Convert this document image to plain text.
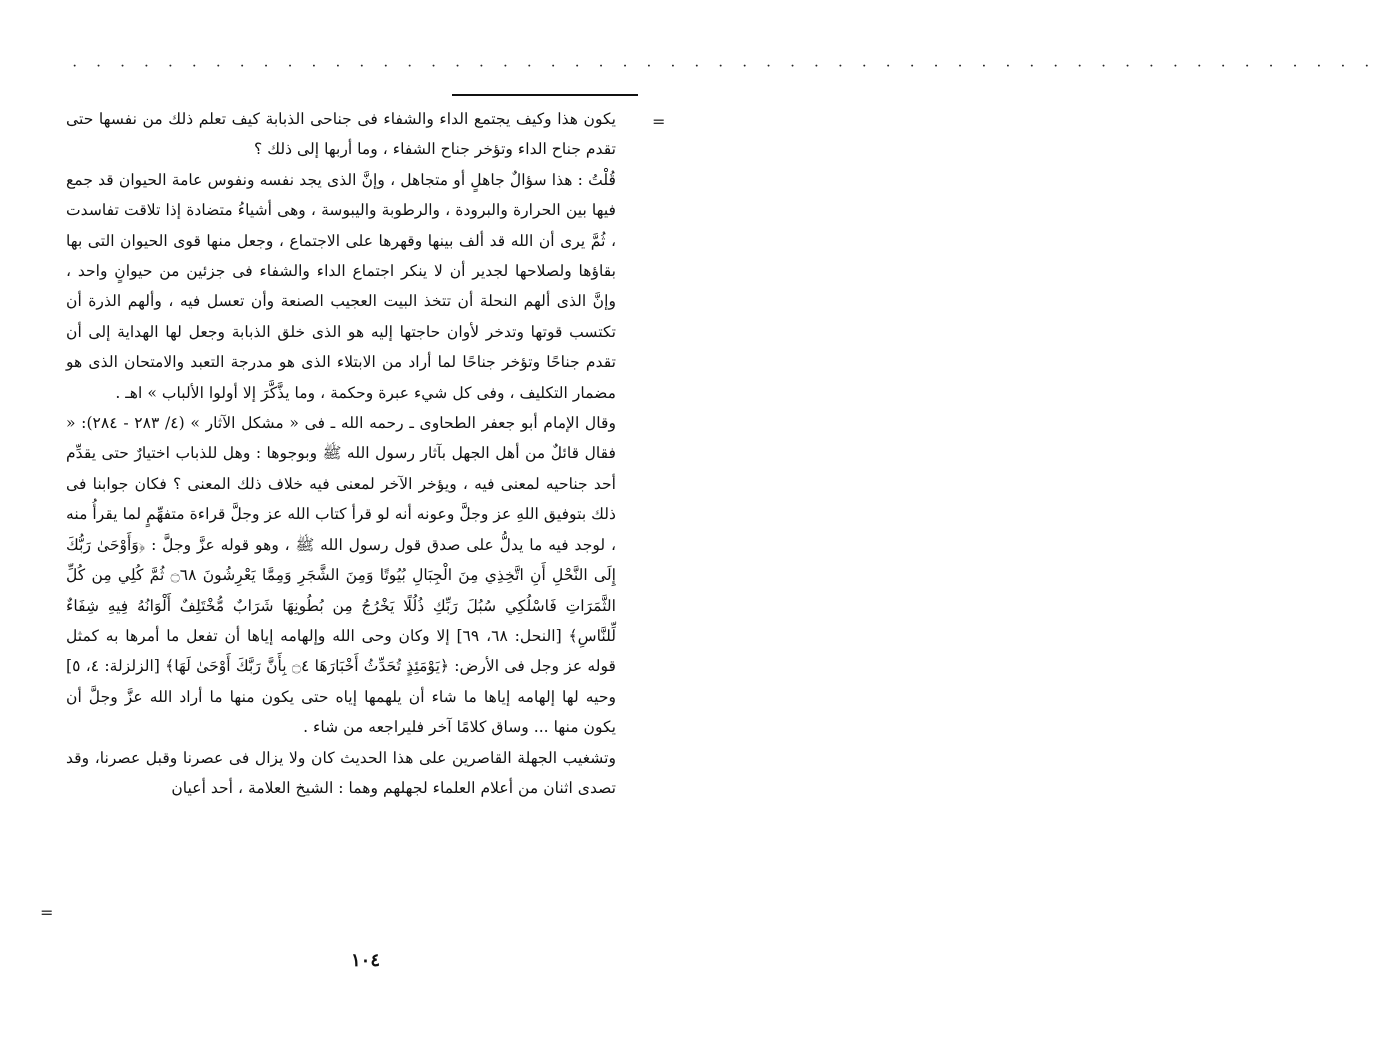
· · · · · · · · · · · · · · · · · · · · · · · · · · · · · · · · · · · · · · · · · · · · · · · · · · · · · · ·
=
=

يكون هذا وكيف يجتمع الداء والشفاء فى جناحى الذبابة كيف تعلم ذلك من نفسها حتى تقدم جناح الداء وتؤخر جناح الشفاء ، وما أربها إلى ذلك ؟

قُلْتُ : هذا سؤالٌ جاهلٍ أو متجاهل ، وإنَّ الذى يجد نفسه ونفوس عامة الحيوان قد جمع فيها بين الحرارة والبرودة ، والرطوبة واليبوسة ، وهى أشياءُ متضادة إذا تلاقت تفاسدت ، ثُمَّ يرى أن الله قد ألف بينها وقهرها على الاجتماع ، وجعل منها قوى الحيوان التى بها بقاؤها ولصلاحها لجدير أن لا ينكر اجتماع الداء والشفاء فى جزئين من حيوانٍ واحد ، وإنَّ الذى ألهم النحلة أن تتخذ البيت العجيب الصنعة وأن تعسل فيه ، وألهم الذرة أن تكتسب قوتها وتدخر لأوان حاجتها إليه هو الذى خلق الذبابة وجعل لها الهداية إلى أن تقدم جناحًا وتؤخر جناحًا لما أراد من الابتلاء الذى هو مدرجة التعبد والامتحان الذى هو مضمار التكليف ، وفى كل شيء عبرة وحكمة ، وما يذَّكَّرَ إلا أولوا الألباب » اهـ .

وقال الإمام أبو جعفر الطحاوى ـ رحمه الله ـ فى « مشكل الآثار » (٤/ ٢٨٣ - ٢٨٤): « فقال قائلٌ من أهل الجهل بآثار رسول الله ﷺ وبوجوها : وهل للذباب اختيارٌ حتى يقدِّم أحد جناحيه لمعنى فيه ، ويؤخر الآخر لمعنى فيه خلاف ذلك المعنى ؟ فكان جوابنا فى ذلك بتوفيق اللهِ عز وجلَّ وعونه أنه لو قرأ كتاب الله عز وجلَّ قراءة متفهِّمٍ لما يقرأُ منه ، لوجد فيه ما يدلُّ على صدق قول رسول الله ﷺ ، وهو قوله عزَّ وجلَّ : ﴿وَأَوْحَىٰ رَبُّكَ إِلَى النَّحْلِ أَنِ اتَّخِذِي مِنَ الْجِبَالِ بُيُوتًا وَمِنَ الشَّجَرِ وَمِمَّا يَعْرِشُونَ ۝٦٨ ثُمَّ كُلِي مِن كُلِّ الثَّمَرَاتِ فَاسْلُكِي سُبُلَ رَبِّكِ ذُلُلًا يَخْرُجُ مِن بُطُونِهَا شَرَابٌ مُّخْتَلِفٌ أَلْوَانُهُ فِيهِ شِفَاءٌ لِّلنَّاسِ﴾ [النحل: ٦٨، ٦٩] إلا وكان وحى الله وإلهامه إياها أن تفعل ما أمرها به كمثل قوله عز وجل فى الأرض: ﴿يَوْمَئِذٍ تُحَدِّثُ أَخْبَارَهَا ۝٤ بِأَنَّ رَبَّكَ أَوْحَىٰ لَهَا﴾ [الزلزلة: ٤، ٥] وحيه لها إلهامه إياها ما شاء أن يلهمها إياه حتى يكون منها ما أراد الله عزَّ وجلَّ أن يكون منها ... وساق كلامًا آخر فليراجعه من شاء .

وتشغيب الجهلة القاصرين على هذا الحديث كان ولا يزال فى عصرنا وقبل عصرنا، وقد تصدى اثنان من أعلام العلماء لجهلهم وهما : الشيخ العلامة ، أحد أعيان

١٠٤
